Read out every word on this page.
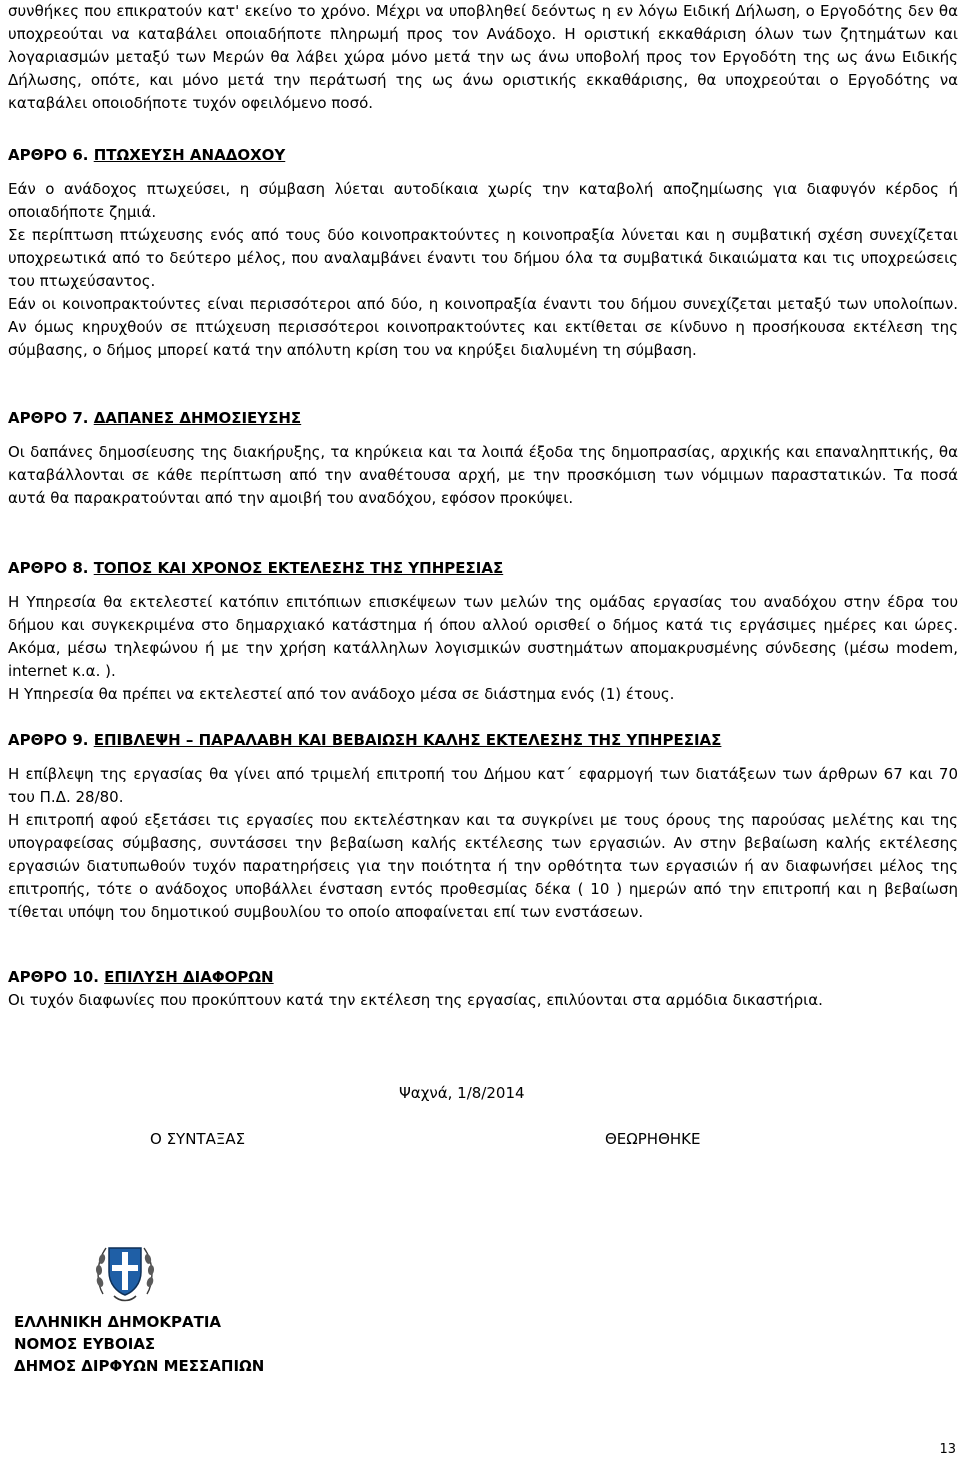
συνθήκες που επικρατούν κατ' εκείνο το χρόνο. Μέχρι να υποβληθεί δεόντως η εν λόγω Ειδική Δήλωση, ο Εργοδότης δεν θα υποχρεούται να καταβάλει οποιαδήποτε πληρωμή προς τον Ανάδοχο. Η οριστική εκκαθάριση όλων των ζητημάτων και λογαριασμών μεταξύ των Μερών θα λάβει χώρα μόνο μετά την ως άνω υποβολή προς τον Εργοδότη της ως άνω Ειδικής Δήλωσης, οπότε, και μόνο μετά την περάτωσή της ως άνω οριστικής εκκαθάρισης, θα υποχρεούται ο Εργοδότης να καταβάλει οποιοδήποτε τυχόν οφειλόμενο ποσό.

ΑΡΘΡΟ 6. ΠΤΩΧΕΥΣΗ ΑΝΑΔΟΧΟΥ

Εάν ο ανάδοχος πτωχεύσει, η σύμβαση λύεται αυτοδίκαια χωρίς την καταβολή αποζημίωσης για διαφυγόν κέρδος ή οποιαδήποτε ζημιά.

Σε περίπτωση πτώχευσης ενός από τους δύο κοινοπρακτούντες η κοινοπραξία λύνεται και η συμβατική σχέση συνεχίζεται υποχρεωτικά από το δεύτερο μέλος, που αναλαμβάνει έναντι του δήμου όλα τα συμβατικά δικαιώματα και τις υποχρεώσεις του πτωχεύσαντος.

Εάν οι κοινοπρακτούντες είναι περισσότεροι από δύο, η κοινοπραξία έναντι του δήμου συνεχίζεται μεταξύ των υπολοίπων. Αν όμως κηρυχθούν σε πτώχευση περισσότεροι κοινοπρακτούντες και εκτίθεται σε κίνδυνο η προσήκουσα εκτέλεση της σύμβασης, ο δήμος μπορεί κατά την απόλυτη κρίση του να κηρύξει διαλυμένη τη σύμβαση.

ΑΡΘΡΟ 7. ΔΑΠΑΝΕΣ ΔΗΜΟΣΙΕΥΣΗΣ

Οι δαπάνες δημοσίευσης της διακήρυξης, τα κηρύκεια και τα λοιπά έξοδα της δημοπρασίας, αρχικής και επαναληπτικής, θα καταβάλλονται σε κάθε περίπτωση από την αναθέτουσα αρχή, με την προσκόμιση των νόμιμων παραστατικών. Τα ποσά αυτά θα παρακρατούνται από την αμοιβή του αναδόχου, εφόσον προκύψει.

ΑΡΘΡΟ 8. ΤΟΠΟΣ ΚΑΙ ΧΡΟΝΟΣ ΕΚΤΕΛΕΣΗΣ ΤΗΣ ΥΠΗΡΕΣΙΑΣ

Η Υπηρεσία θα εκτελεστεί κατόπιν επιτόπιων επισκέψεων των μελών της ομάδας εργασίας του αναδόχου στην έδρα του δήμου και συγκεκριμένα στο δημαρχιακό κατάστημα ή όπου αλλού ορισθεί ο δήμος κατά τις εργάσιμες ημέρες και ώρες. Ακόμα, μέσω τηλεφώνου ή με την χρήση κατάλληλων λογισμικών συστημάτων απομακρυσμένης σύνδεσης (μέσω modem, internet κ.α. ).

Η Υπηρεσία θα πρέπει να εκτελεστεί από τον ανάδοχο μέσα σε διάστημα ενός (1) έτους.

ΑΡΘΡΟ 9. ΕΠΙΒΛΕΨΗ – ΠΑΡΑΛΑΒΗ ΚΑΙ ΒΕΒΑΙΩΣΗ ΚΑΛΗΣ ΕΚΤΕΛΕΣΗΣ ΤΗΣ ΥΠΗΡΕΣΙΑΣ

Η επίβλεψη της εργασίας θα γίνει από τριμελή επιτροπή του Δήμου κατ΄ εφαρμογή των διατάξεων των άρθρων 67 και 70 του Π.Δ. 28/80.

Η επιτροπή αφού εξετάσει τις εργασίες που εκτελέστηκαν και τα συγκρίνει με τους όρους της παρούσας μελέτης και της υπογραφείσας σύμβασης, συντάσσει την βεβαίωση καλής εκτέλεσης των εργασιών. Αν στην βεβαίωση καλής εκτέλεσης εργασιών διατυπωθούν τυχόν παρατηρήσεις για την ποιότητα ή την ορθότητα των εργασιών ή αν διαφωνήσει μέλος της επιτροπής, τότε ο ανάδοχος υποβάλλει ένσταση εντός προθεσμίας δέκα ( 10 ) ημερών από την επιτροπή και η βεβαίωση τίθεται υπόψη του δημοτικού συμβουλίου το οποίο αποφαίνεται επί των ενστάσεων.

ΑΡΘΡΟ 10. ΕΠΙΛΥΣΗ ΔΙΑΦΟΡΩΝ

Οι τυχόν διαφωνίες που προκύπτουν κατά την εκτέλεση της εργασίας, επιλύονται στα αρμόδια δικαστήρια.

Ψαχνά, 1/8/2014
Ο ΣΥΝΤΑΞΑΣ	ΘΕΩΡΗΘΗΚΕ
ΕΛΛΗΝΙΚΗ ΔΗΜΟΚΡΑΤΙΑ
ΝΟΜΟΣ ΕΥΒΟΙΑΣ
ΔΗΜΟΣ ΔΙΡΦΥΩΝ ΜΕΣΣΑΠΙΩΝ
13
